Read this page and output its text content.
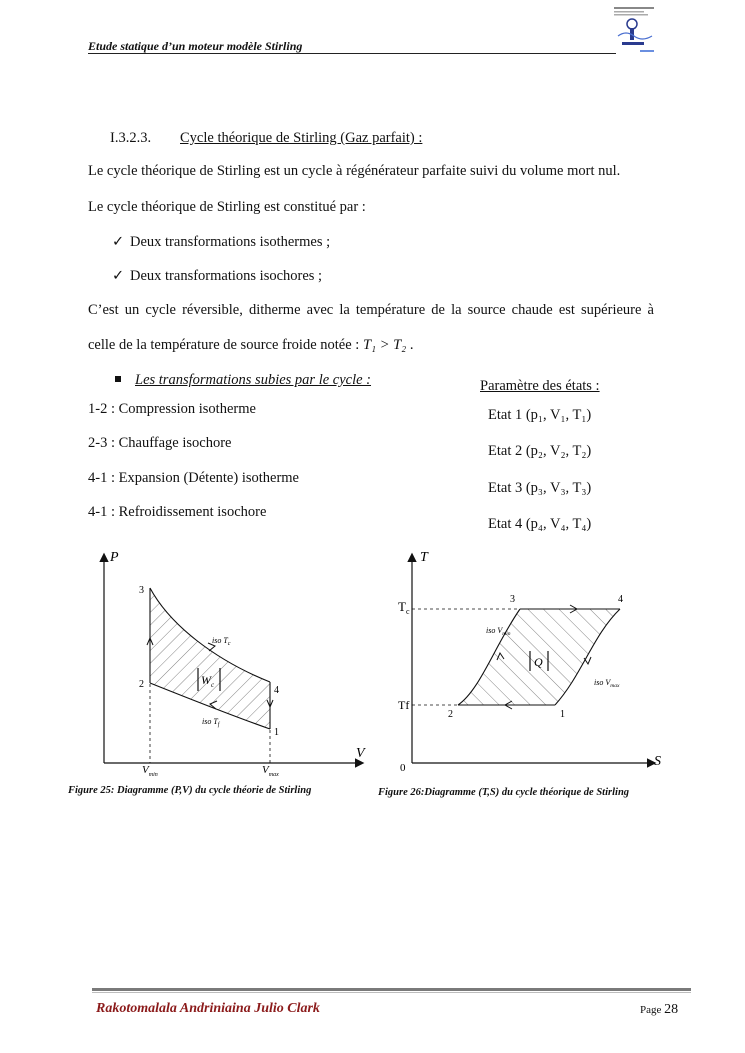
Etude statique d’un moteur modèle Stirling
I.3.2.3. Cycle théorique de Stirling (Gaz parfait) :
Le cycle théorique de Stirling est un cycle à régénérateur parfaite suivi du volume mort nul.
Le cycle théorique de Stirling est constitué par :
✓ Deux transformations isothermes ;
✓ Deux transformations isochores ;
C’est un cycle réversible, ditherme avec la température de la source chaude est supérieure à
celle de la température de source froide notée : T₁ > T₂ .
Les transformations subies par le cycle :
1-2 : Compression isotherme
2-3 : Chauffage isochore
4-1 : Expansion (Détente) isotherme
4-1 : Refroidissement isochore
Paramètre des états :
Etat 1 (p₁, V₁, T₁)
Etat 2 (p₂, V₂, T₂)
Etat 3 (p₃, V₃, T₃)
Etat 4 (p₄, V₄, T₄)
P
V
3
2
4
1
iso $T_c$
iso $T_f$
$W_c$
$V_{min}$	$V_{max}$
Figure 25: Diagramme (P,V) du cycle théorie de Stirling
T
S
0
$T_c$
Tf
3	4
2	1
iso $V_{min}$
iso $V_{max}$
Q
Figure 26:Diagramme (T,S) du cycle théorique de Stirling
Rakotomalala Andriniaina Julio Clark	Page 28
